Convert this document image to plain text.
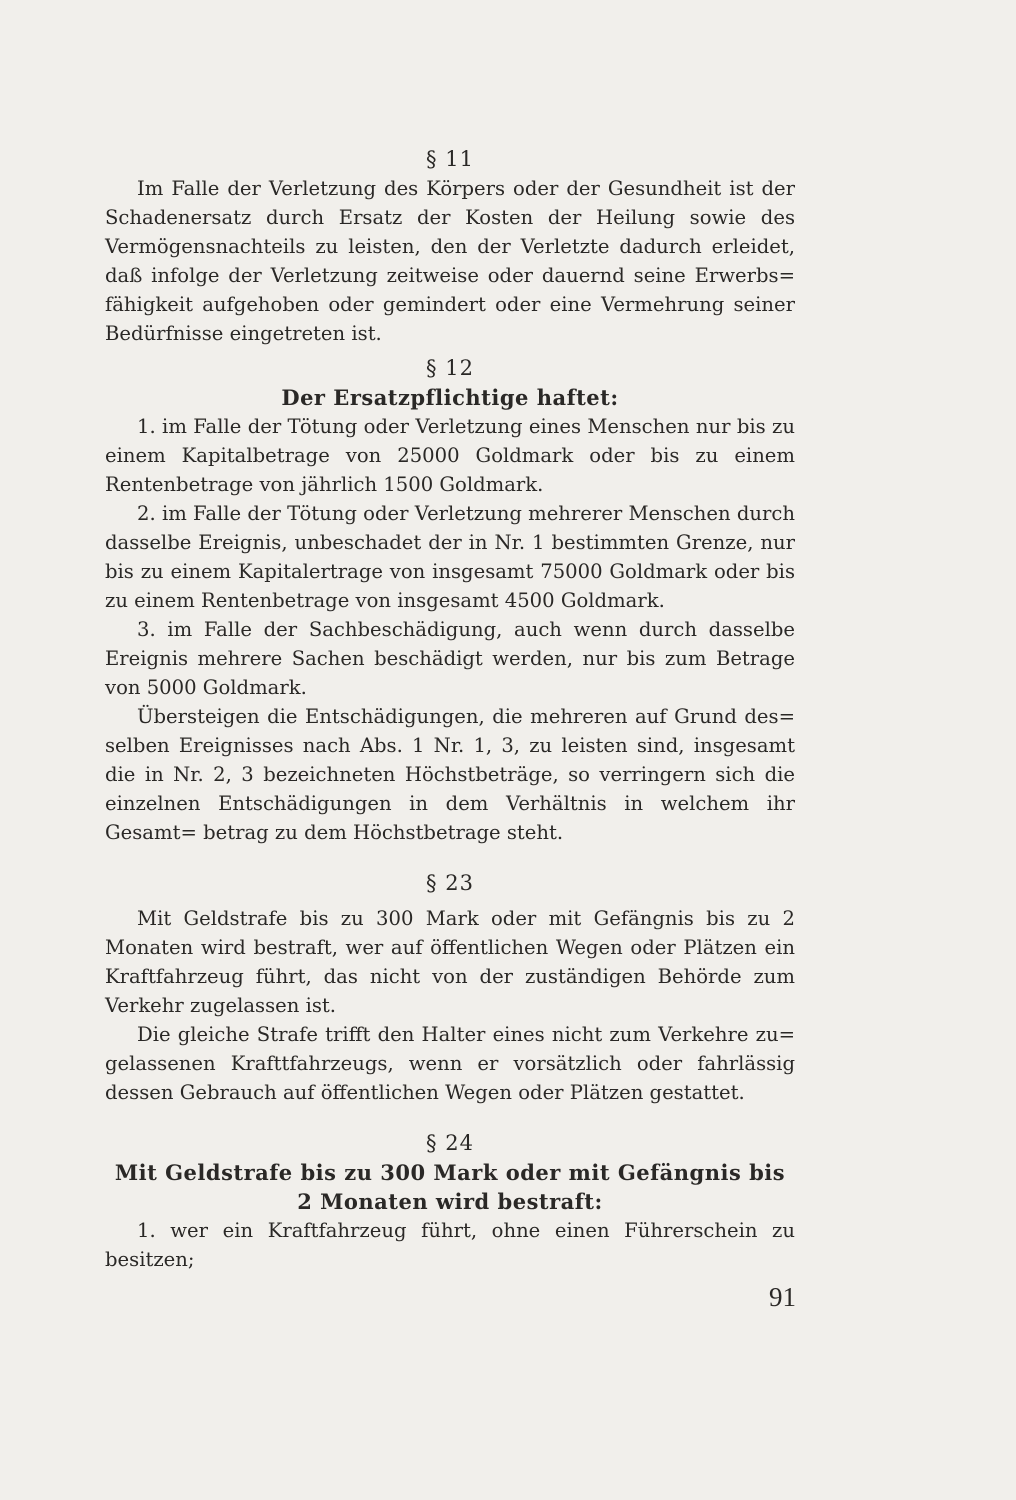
§ 11

Im Falle der Verletzung des Körpers oder der Gesundheit ist der Schadenersatz durch Ersatz der Kosten der Heilung sowie des Vermögensnachteils zu leisten, den der Verletzte dadurch erleidet, daß infolge der Verletzung zeitweise oder dauernd seine Erwerbs= fähigkeit aufgehoben oder gemindert oder eine Vermehrung seiner Bedürfnisse eingetreten ist.

§ 12
Der Ersatzpflichtige haftet:

1. im Falle der Tötung oder Verletzung eines Menschen nur bis zu einem Kapitalbetrage von 25000 Goldmark oder bis zu einem Rentenbetrage von jährlich 1500 Goldmark.

2. im Falle der Tötung oder Verletzung mehrerer Menschen durch dasselbe Ereignis, unbeschadet der in Nr. 1 bestimmten Grenze, nur bis zu einem Kapitalertrage von insgesamt 75000 Goldmark oder bis zu einem Rentenbetrage von insgesamt 4500 Goldmark.

3. im Falle der Sachbeschädigung, auch wenn durch dasselbe Ereignis mehrere Sachen beschädigt werden, nur bis zum Betrage von 5000 Goldmark.

Übersteigen die Entschädigungen, die mehreren auf Grund des= selben Ereignisses nach Abs. 1 Nr. 1, 3, zu leisten sind, insgesamt die in Nr. 2, 3 bezeichneten Höchstbeträge, so verringern sich die einzelnen Entschädigungen in dem Verhältnis in welchem ihr Gesamt= betrag zu dem Höchstbetrage steht.

§ 23

Mit Geldstrafe bis zu 300 Mark oder mit Gefängnis bis zu 2 Monaten wird bestraft, wer auf öffentlichen Wegen oder Plätzen ein Kraftfahrzeug führt, das nicht von der zuständigen Behörde zum Verkehr zugelassen ist.

Die gleiche Strafe trifft den Halter eines nicht zum Verkehre zu= gelassenen Krafttfahrzeugs, wenn er vorsätzlich oder fahrlässig dessen Gebrauch auf öffentlichen Wegen oder Plätzen gestattet.

§ 24
Mit Geldstrafe bis zu 300 Mark oder mit Gefängnis bis 2 Monaten wird bestraft:

1. wer ein Kraftfahrzeug führt, ohne einen Führerschein zu besitzen;

91
